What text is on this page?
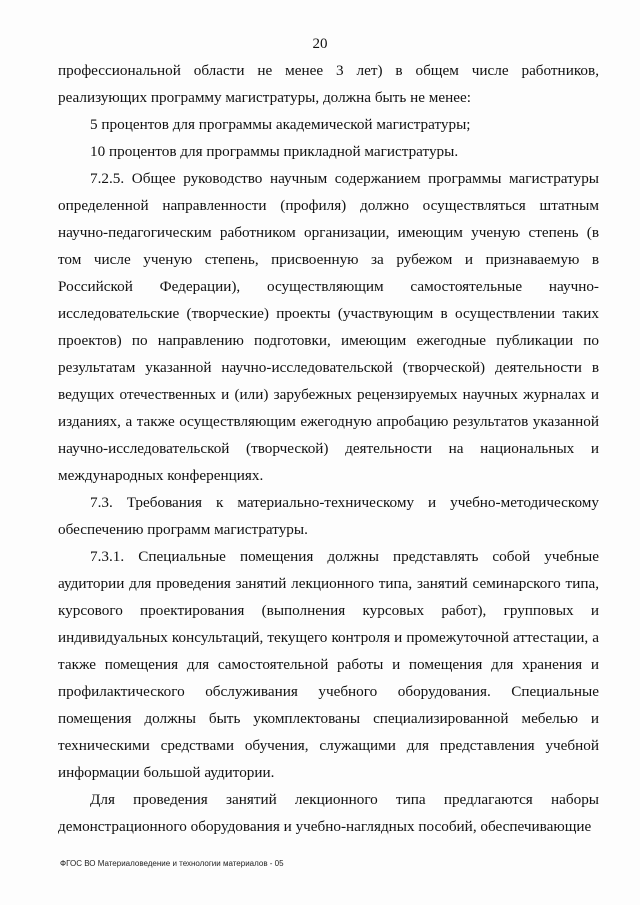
20

профессиональной области не менее 3 лет) в общем числе работников, реализующих программу магистратуры, должна быть не менее:

5 процентов для программы академической магистратуры;

10 процентов для программы прикладной магистратуры.

7.2.5. Общее руководство научным содержанием программы магистратуры определенной направленности (профиля) должно осуществляться штатным научно-педагогическим работником организации, имеющим ученую степень (в том числе ученую степень, присвоенную за рубежом и признаваемую в Российской Федерации), осуществляющим самостоятельные научно-исследовательские (творческие) проекты (участвующим в осуществлении таких проектов) по направлению подготовки, имеющим ежегодные публикации по результатам указанной научно-исследовательской (творческой) деятельности в ведущих отечественных и (или) зарубежных рецензируемых научных журналах и изданиях, а также осуществляющим ежегодную апробацию результатов указанной научно-исследовательской (творческой) деятельности на национальных и международных конференциях.

7.3. Требования к материально-техническому и учебно-методическому обеспечению программ магистратуры.

7.3.1. Специальные помещения должны представлять собой учебные аудитории для проведения занятий лекционного типа, занятий семинарского типа, курсового проектирования (выполнения курсовых работ), групповых и индивидуальных консультаций, текущего контроля и промежуточной аттестации, а также помещения для самостоятельной работы и помещения для хранения и профилактического обслуживания учебного оборудования. Специальные помещения должны быть укомплектованы специализированной мебелью и техническими средствами обучения, служащими для представления учебной информации большой аудитории.

Для проведения занятий лекционного типа предлагаются наборы демонстрационного оборудования и учебно-наглядных пособий, обеспечивающие

ФГОС ВО Материаловедение и технологии материалов - 05
